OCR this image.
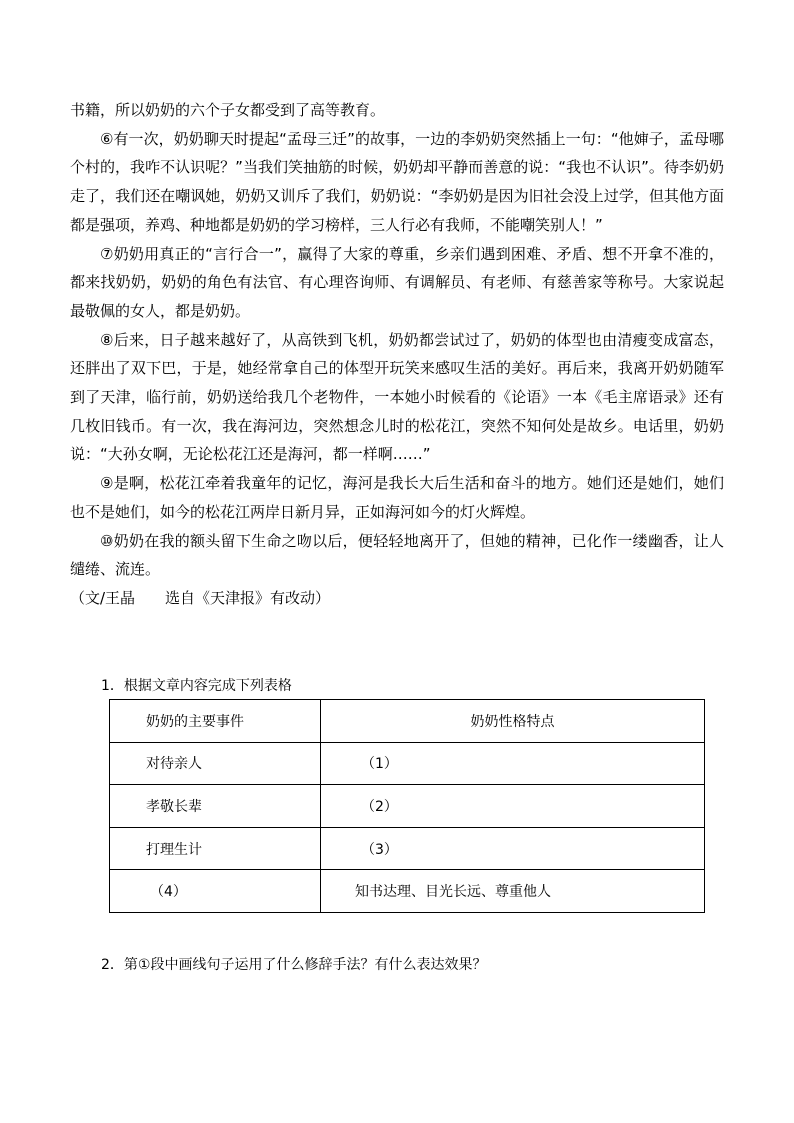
书籍，所以奶奶的六个子女都受到了高等教育。

⑥有一次，奶奶聊天时提起“孟母三迁”的故事，一边的李奶奶突然插上一句：“他婶子，孟母哪个村的，我咋不认识呢？”当我们笑抽筋的时候，奶奶却平静而善意的说：“我也不认识”。待李奶奶走了，我们还在嘲讽她，奶奶又训斥了我们，奶奶说：“李奶奶是因为旧社会没上过学，但其他方面都是强项，养鸡、种地都是奶奶的学习榜样，三人行必有我师，不能嘲笑别人！”

⑦奶奶用真正的“言行合一”，赢得了大家的尊重，乡亲们遇到困难、矛盾、想不开拿不准的，都来找奶奶，奶奶的角色有法官、有心理咨询师、有调解员、有老师、有慈善家等称号。大家说起最敬佩的女人，都是奶奶。

⑧后来，日子越来越好了，从高铁到飞机，奶奶都尝试过了，奶奶的体型也由清瘦变成富态，还胖出了双下巴，于是，她经常拿自己的体型开玩笑来感叹生活的美好。再后来，我离开奶奶随军到了天津，临行前，奶奶送给我几个老物件，一本她小时候看的《论语》一本《毛主席语录》还有几枚旧钱币。有一次，我在海河边，突然想念儿时的松花江，突然不知何处是故乡。电话里，奶奶说：“大孙女啊，无论松花江还是海河，都一样啊……”

⑨是啊，松花江牵着我童年的记忆，海河是我长大后生活和奋斗的地方。她们还是她们，她们也不是她们，如今的松花江两岸日新月异，正如海河如今的灯火辉煌。

⑩奶奶在我的额头留下生命之吻以后，便轻轻地离开了，但她的精神，已化作一缕幽香，让人缱绻、流连。

（文/王晶　　选自《天津报》有改动）

1．根据文章内容完成下列表格
奶奶的主要事件	奶奶性格特点
对待亲人	（1）
孝敬长辈	（2）
打理生计	（3）
（4）	知书达理、目光长远、尊重他人
2．第①段中画线句子运用了什么修辞手法？有什么表达效果？
